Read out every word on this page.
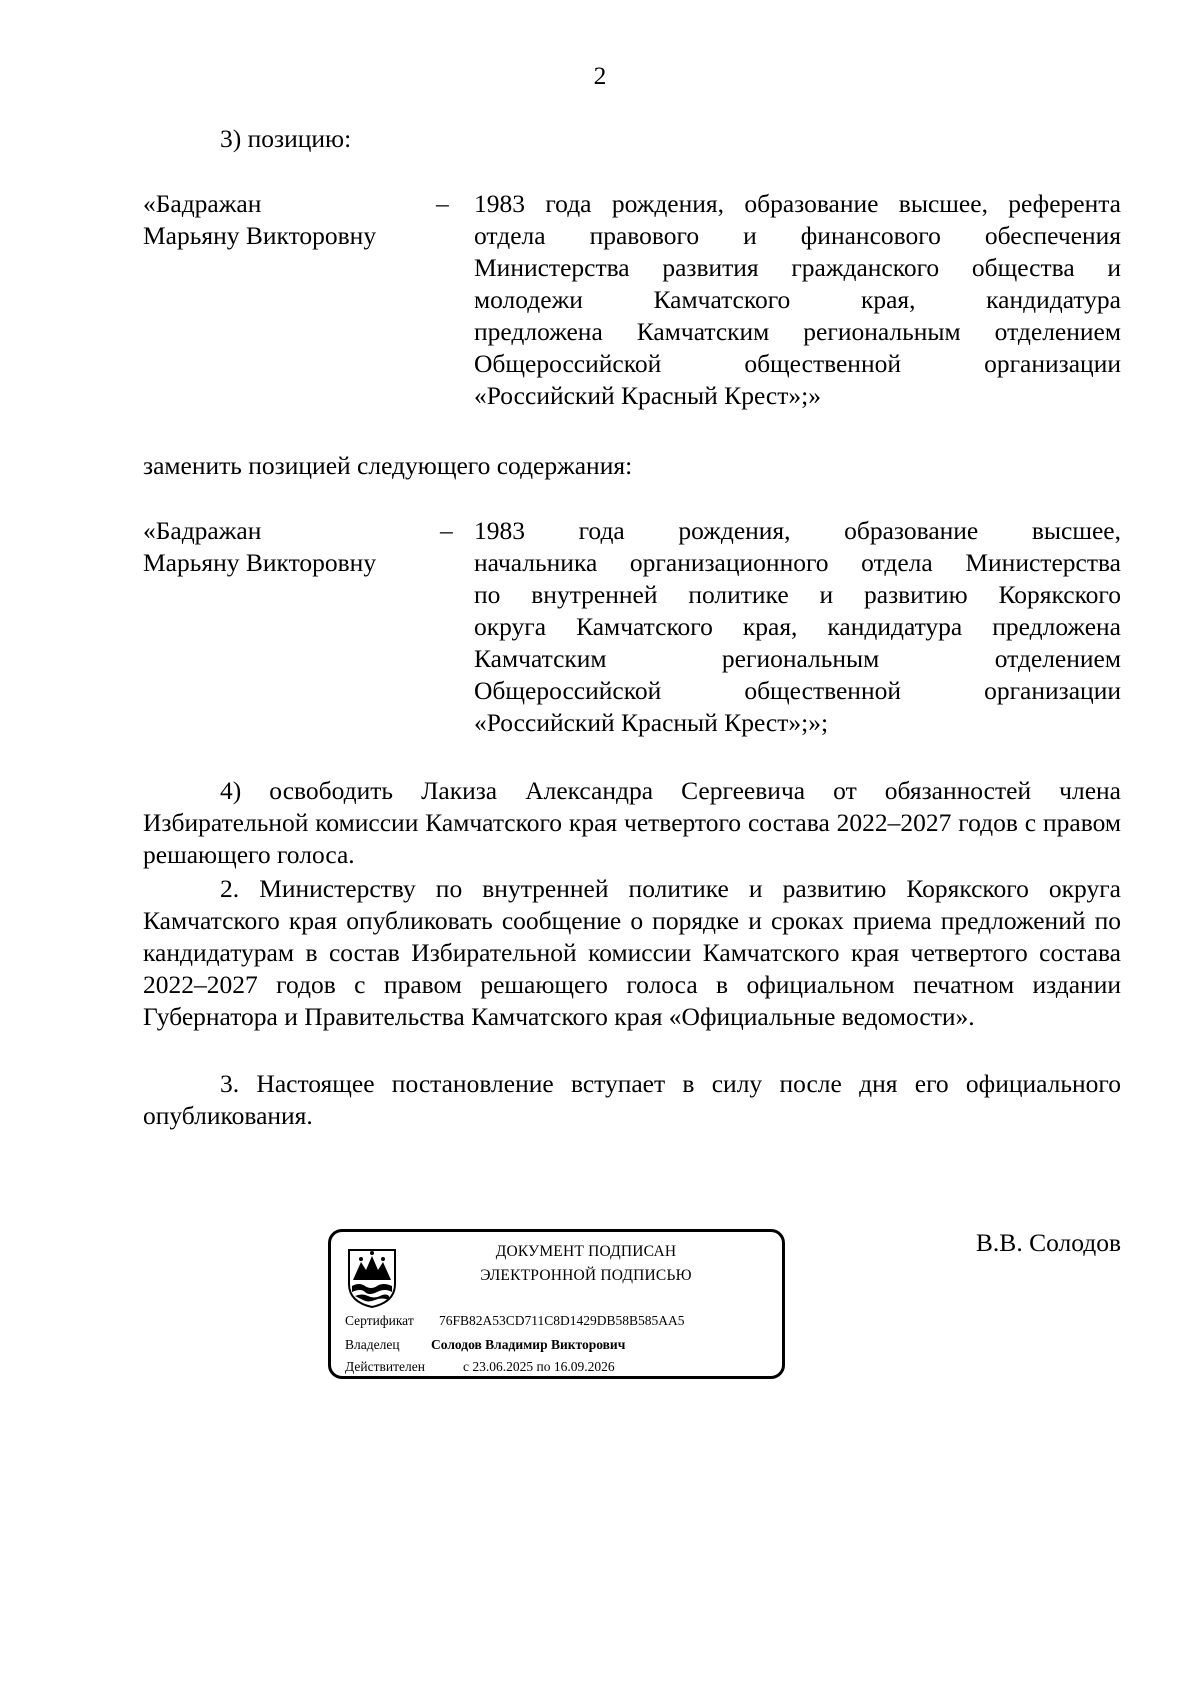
2

3) позицию:

«Бадражан
Марьяну Викторовну
– 1983 года рождения, образование высшее, референта
отдела правового и финансового обеспечения
Министерства развития гражданского общества и
молодежи Камчатского края, кандидатура
предложена Камчатским региональным отделением
Общероссийской общественной организации
«Российский Красный Крест»;»

заменить позицией следующего содержания:

«Бадражан
Марьяну Викторовну
– 1983 года рождения, образование высшее,
начальника организационного отдела Министерства
по внутренней политике и развитию Корякского
округа Камчатского края, кандидатура предложена
Камчатским региональным отделением
Общероссийской общественной организации
«Российский Красный Крест»;»;

4) освободить Лакиза Александра Сергеевича от обязанностей члена Избирательной комиссии Камчатского края четвертого состава 2022–2027 годов с правом решающего голоса.

2. Министерству по внутренней политике и развитию Корякского округа Камчатского края опубликовать сообщение о порядке и сроках приема предложений по кандидатурам в состав Избирательной комиссии Камчатского края четвертого состава 2022–2027 годов с правом решающего голоса в официальном печатном издании Губернатора и Правительства Камчатского края «Официальные ведомости».

3. Настоящее постановление вступает в силу после дня его официального опубликования.

ДОКУМЕНТ ПОДПИСАН
ЭЛЕКТРОННОЙ ПОДПИСЬЮ
Сертификат 76FB82A53CD711C8D1429DB58B585AA5
Владелец Солодов Владимир Викторович
Действителен	с 23.06.2025 по 16.09.2026
В.В. Солодов
